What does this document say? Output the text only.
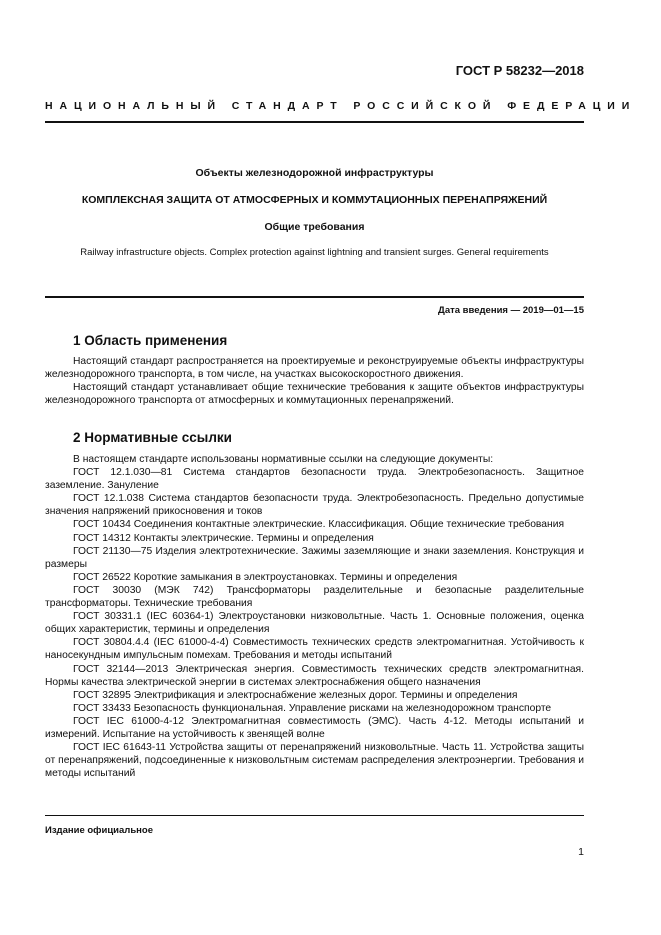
ГОСТ Р 58232—2018
НАЦИОНАЛЬНЫЙ СТАНДАРТ РОССИЙСКОЙ ФЕДЕРАЦИИ
Объекты железнодорожной инфраструктуры
КОМПЛЕКСНАЯ ЗАЩИТА ОТ АТМОСФЕРНЫХ И КОММУТАЦИОННЫХ ПЕРЕНАПРЯЖЕНИЙ
Общие требования
Railway infrastructure objects. Complex protection against lightning and transient surges. General requirements
Дата введения — 2019—01—15
1 Область применения

Настоящий стандарт распространяется на проектируемые и реконструируемые объекты инфраструктуры железнодорожного транспорта, в том числе, на участках высокоскоростного движения.

Настоящий стандарт устанавливает общие технические требования к защите объектов инфраструктуры железнодорожного транспорта от атмосферных и коммутационных перенапряжений.

2 Нормативные ссылки

В настоящем стандарте использованы нормативные ссылки на следующие документы:

ГОСТ 12.1.030—81 Система стандартов безопасности труда. Электробезопасность. Защитное заземление. Зануление

ГОСТ 12.1.038 Система стандартов безопасности труда. Электробезопасность. Предельно допустимые значения напряжений прикосновения и токов

ГОСТ 10434 Соединения контактные электрические. Классификация. Общие технические требования

ГОСТ 14312 Контакты электрические. Термины и определения

ГОСТ 21130—75 Изделия электротехнические. Зажимы заземляющие и знаки заземления. Конструкция и размеры

ГОСТ 26522 Короткие замыкания в электроустановках. Термины и определения

ГОСТ 30030 (МЭК 742) Трансформаторы разделительные и безопасные разделительные трансформаторы. Технические требования

ГОСТ 30331.1 (IEC 60364-1) Электроустановки низковольтные. Часть 1. Основные положения, оценка общих характеристик, термины и определения

ГОСТ 30804.4.4 (IEC 61000-4-4) Совместимость технических средств электромагнитная. Устойчивость к наносекундным импульсным помехам. Требования и методы испытаний

ГОСТ 32144—2013 Электрическая энергия. Совместимость технических средств электромагнитная. Нормы качества электрической энергии в системах электроснабжения общего назначения

ГОСТ 32895 Электрификация и электроснабжение железных дорог. Термины и определения

ГОСТ 33433 Безопасность функциональная. Управление рисками на железнодорожном транспорте

ГОСТ IEC 61000-4-12 Электромагнитная совместимость (ЭМС). Часть 4-12. Методы испытаний и измерений. Испытание на устойчивость к звенящей волне

ГОСТ IEC 61643-11 Устройства защиты от перенапряжений низковольтные. Часть 11. Устройства защиты от перенапряжений, подсоединенные к низковольтным системам распределения электроэнергии. Требования и методы испытаний

Издание официальное
1
